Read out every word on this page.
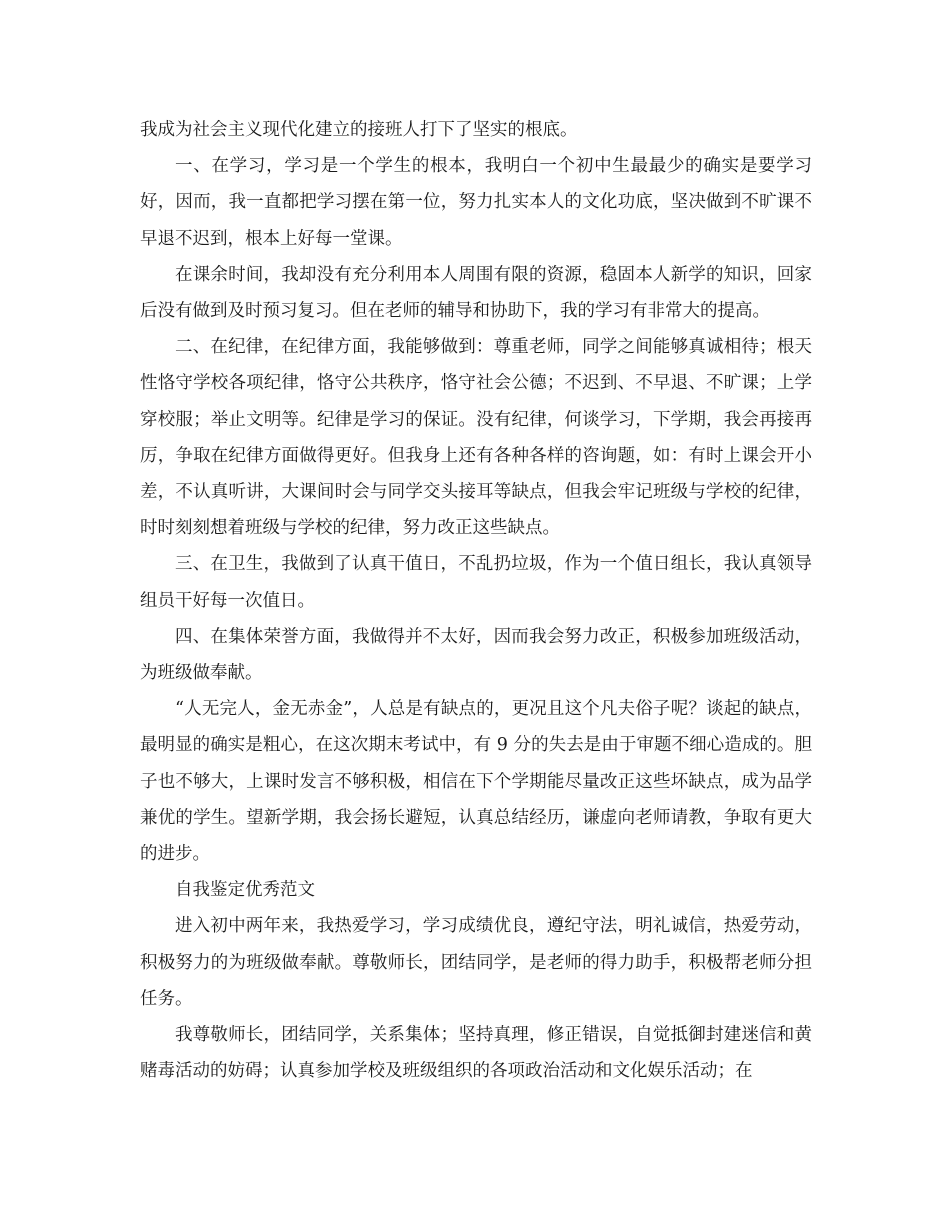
我成为社会主义现代化建立的接班人打下了坚实的根底。

一、在学习，学习是一个学生的根本，我明白一个初中生最最少的确实是要学习好，因而，我一直都把学习摆在第一位，努力扎实本人的文化功底，坚决做到不旷课不早退不迟到，根本上好每一堂课。

在课余时间，我却没有充分利用本人周围有限的资源，稳固本人新学的知识，回家后没有做到及时预习复习。但在老师的辅导和协助下，我的学习有非常大的提高。

二、在纪律，在纪律方面，我能够做到：尊重老师，同学之间能够真诚相待；根天性恪守学校各项纪律，恪守公共秩序，恪守社会公德；不迟到、不早退、不旷课；上学穿校服；举止文明等。纪律是学习的保证。没有纪律，何谈学习，下学期，我会再接再厉，争取在纪律方面做得更好。但我身上还有各种各样的咨询题，如：有时上课会开小差，不认真听讲，大课间时会与同学交头接耳等缺点，但我会牢记班级与学校的纪律，时时刻刻想着班级与学校的纪律，努力改正这些缺点。

三、在卫生，我做到了认真干值日，不乱扔垃圾，作为一个值日组长，我认真领导组员干好每一次值日。

四、在集体荣誉方面，我做得并不太好，因而我会努力改正，积极参加班级活动，为班级做奉献。

“人无完人，金无赤金”，人总是有缺点的，更况且这个凡夫俗子呢？谈起的缺点，最明显的确实是粗心，在这次期末考试中，有 9 分的失去是由于审题不细心造成的。胆子也不够大，上课时发言不够积极，相信在下个学期能尽量改正这些坏缺点，成为品学兼优的学生。望新学期，我会扬长避短，认真总结经历，谦虚向老师请教，争取有更大的进步。

自我鉴定优秀范文

进入初中两年来，我热爱学习，学习成绩优良，遵纪守法，明礼诚信，热爱劳动，积极努力的为班级做奉献。尊敬师长，团结同学，是老师的得力助手，积极帮老师分担任务。

我尊敬师长，团结同学，关系集体；坚持真理，修正错误，自觉抵御封建迷信和黄赌毒活动的妨碍；认真参加学校及班级组织的各项政治活动和文化娱乐活动；在
